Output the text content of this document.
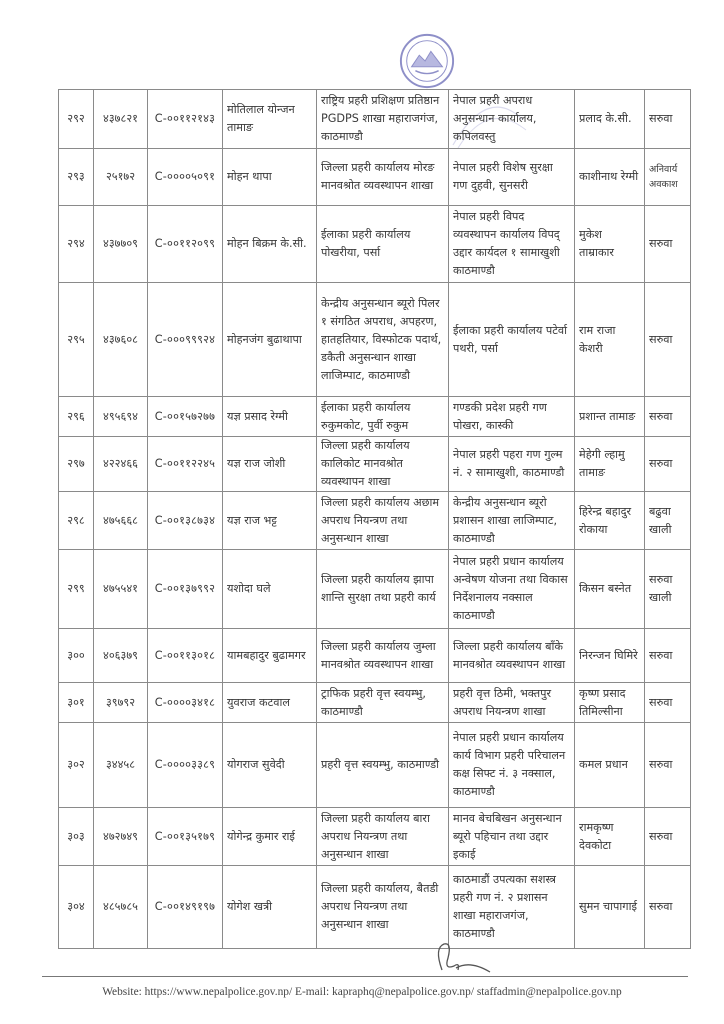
२९२	४३७८२१	C-००११२१४३	मोतिलाल योन्जन तामाङ	राष्ट्रिय प्रहरी प्रशिक्षण प्रतिष्ठान PGDPS शाखा महाराजगंज, काठमाण्डौ	नेपाल प्रहरी अपराध अनुसन्धान कार्यालय, कपिलवस्तु	प्रलाद के.सी.	सरुवा
२९३	२५१७२	C-००००५०९१	मोहन थापा	जिल्ला प्रहरी कार्यालय मोरङ मानवश्रोत व्यवस्थापन शाखा	नेपाल प्रहरी विशेष सुरक्षा गण दुहवी, सुनसरी	काशीनाथ रेग्मी	अनिवार्य अवकाश
२९४	४३७७०९	C-००११२०९९	मोहन बिक्रम के.सी.	ईलाका प्रहरी कार्यालय पोखरीया, पर्सा	नेपाल प्रहरी विपद व्यवस्थापन कार्यालय विपद् उद्दार कार्यदल १ सामाखुशी काठमाण्डौ	मुकेश ताम्राकार	सरुवा
२९५	४३७६०८	C-०००९९९२४	मोहनजंग बुढाथापा	केन्द्रीय अनुसन्धान ब्यूरो पिलर १ संगठित अपराध, अपहरण, हातहतियार, विस्फोटक पदार्थ, डकैती अनुसन्धान शाखा लाजिम्पाट, काठमाण्डौ	ईलाका प्रहरी कार्यालय पटेर्वा पथरी, पर्सा	राम राजा केशरी	सरुवा
२९६	४९५६९४	C-००१५७२७७	यज्ञ प्रसाद रेग्मी	ईलाका प्रहरी कार्यालय रुकुमकोट, पुर्वी रुकुम	गण्डकी प्रदेश प्रहरी गण पोखरा, कास्की	प्रशान्त तामाङ	सरुवा
२९७	४२२४६६	C-००११२२४५	यज्ञ राज जोशी	जिल्ला प्रहरी कार्यालय कालिकोट मानवश्रोत व्यवस्थापन शाखा	नेपाल प्रहरी पहरा गण गुल्म नं. २ सामाखुशी, काठमाण्डौ	मेहेगी ल्हामु तामाङ	सरुवा
२९८	४७५६६८	C-००१३८७३४	यज्ञ राज भट्ट	जिल्ला प्रहरी कार्यालय अछाम अपराध नियन्त्रण तथा अनुसन्धान शाखा	केन्द्रीय अनुसन्धान ब्यूरो प्रशासन शाखा लाजिम्पाट, काठमाण्डौ	हिरेन्द्र बहादुर रोकाया	बढुवा खाली
२९९	४७५५४१	C-००१३७९९२	यशोदा घले	जिल्ला प्रहरी कार्यालय झापा शान्ति सुरक्षा तथा प्रहरी कार्य	नेपाल प्रहरी प्रधान कार्यालय अन्वेषण योजना तथा विकास निर्देशनालय नक्साल काठमाण्डौ	किसन बस्नेत	सरुवा खाली
३००	४०६३७९	C-००११३०१८	यामबहादुर बुढामगर	जिल्ला प्रहरी कार्यालय जुम्ला मानवश्रोत व्यवस्थापन शाखा	जिल्ला प्रहरी कार्यालय बाँके मानवश्रोत व्यवस्थापन शाखा	निरन्जन घिमिरे	सरुवा
३०१	३९७९२	C-००००३४१८	युवराज कटवाल	ट्राफिक प्रहरी वृत्त स्वयम्भु, काठमाण्डौ	प्रहरी वृत्त ठिमी, भक्तपुर अपराध नियन्त्रण शाखा	कृष्ण प्रसाद तिमिल्सीना	सरुवा
३०२	३४४५८	C-००००३३८९	योगराज सुवेदी	प्रहरी वृत्त स्वयम्भु, काठमाण्डौ	नेपाल प्रहरी प्रधान कार्यालय कार्य विभाग प्रहरी परिचालन कक्ष सिफ्ट नं. ३ नक्साल, काठमाण्डौ	कमल प्रधान	सरुवा
३०३	४७२७४९	C-००१३५१७९	योगेन्द्र कुमार राई	जिल्ला प्रहरी कार्यालय बारा अपराध नियन्त्रण तथा अनुसन्धान शाखा	मानव बेचबिखन अनुसन्धान ब्यूरो पहिचान तथा उद्दार इकाई	रामकृष्ण देवकोटा	सरुवा
३०४	४८५७८५	C-००१४९१९७	योगेश खत्री	जिल्ला प्रहरी कार्यालय, बैतडी अपराध नियन्त्रण तथा अनुसन्धान शाखा	काठमाडौं उपत्यका सशस्त्र प्रहरी गण नं. २ प्रशासन शाखा महाराजगंज, काठमाण्डौ	सुमन चापागाई	सरुवा
Website: https://www.nepalpolice.gov.np/ E-mail: kapraphq@nepalpolice.gov.np/ staffadmin@nepalpolice.gov.np
